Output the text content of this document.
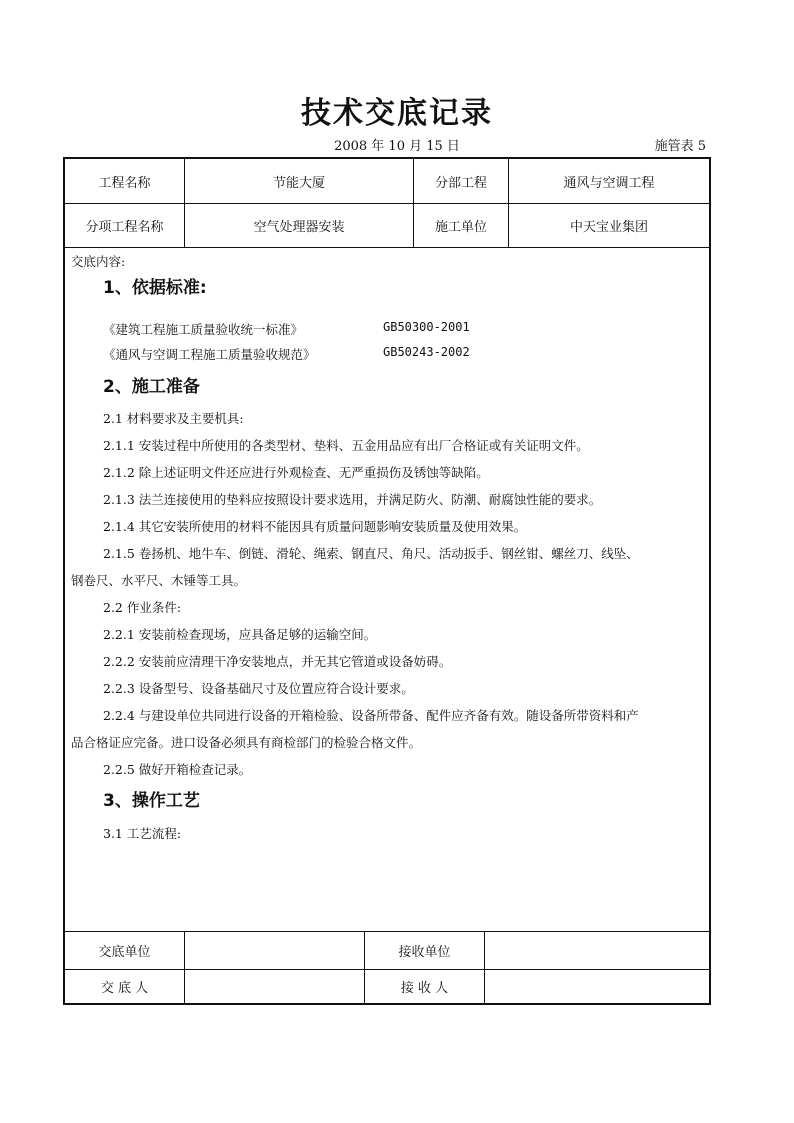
技术交底记录
2008 年 10 月 15 日	施管表 5
工程名称	节能大厦	分部工程	通风与空调工程
分项工程名称	空气处理器安装	施工单位	中天宝业集团
交底内容:
1、依据标准:
《建筑工程施工质量验收统一标准》	GB50300-2001
《通风与空调工程施工质量验收规范》	GB50243-2002
2、施工准备
2.1 材料要求及主要机具:
2.1.1 安装过程中所使用的各类型材、垫料、五金用品应有出厂合格证或有关证明文件。
2.1.2 除上述证明文件还应进行外观检查、无严重损伤及锈蚀等缺陷。
2.1.3 法兰连接使用的垫料应按照设计要求选用，并满足防火、防潮、耐腐蚀性能的要求。
2.1.4 其它安装所使用的材料不能因具有质量问题影响安装质量及使用效果。
2.1.5 卷扬机、地牛车、倒链、滑轮、绳索、钢直尺、角尺、活动扳手、钢丝钳、螺丝刀、线坠、
钢卷尺、水平尺、木锤等工具。
2.2 作业条件:
2.2.1 安装前检查现场，应具备足够的运输空间。
2.2.2 安装前应清理干净安装地点，并无其它管道或设备妨碍。
2.2.3 设备型号、设备基础尺寸及位置应符合设计要求。
2.2.4 与建设单位共同进行设备的开箱检验、设备所带备、配件应齐备有效。随设备所带资料和产
品合格证应完备。进口设备必须具有商检部门的检验合格文件。
2.2.5 做好开箱检查记录。
3、操作工艺
3.1 工艺流程:
交底单位	接收单位
交 底 人	接 收 人
